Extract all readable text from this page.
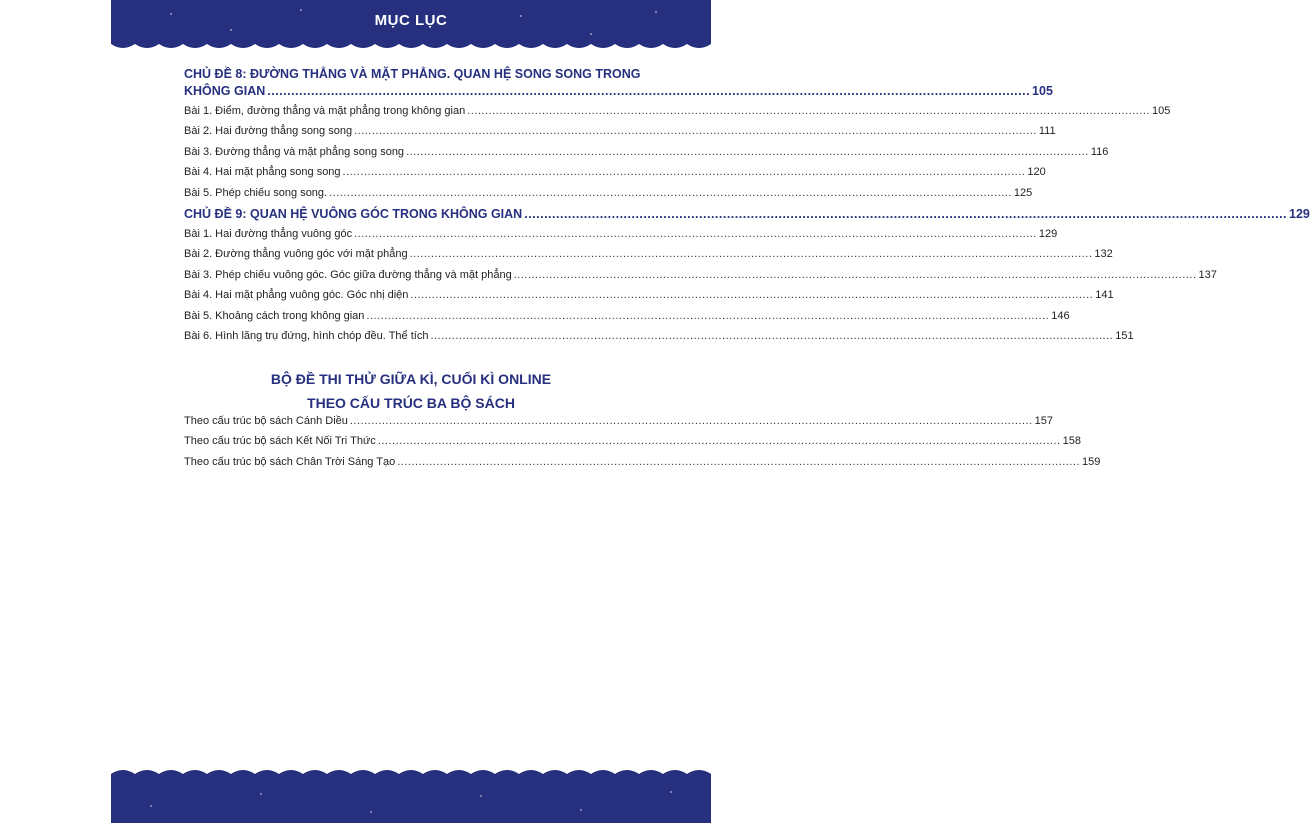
MỤC LỤC
CHỦ ĐỀ 8: ĐƯỜNG THẲNG VÀ MẶT PHẲNG. QUAN HỆ SONG SONG TRONG
KHÔNG GIAN ................................................................................................................................................................................................ 105
Bài 1. Điểm, đường thẳng và mặt phẳng trong không gian ................................................................................................................................................................................................ 105
Bài 2. Hai đường thẳng song song ................................................................................................................................................................................................ 111
Bài 3. Đường thẳng và mặt phẳng song song ................................................................................................................................................................................................ 116
Bài 4. Hai mặt phẳng song song ................................................................................................................................................................................................ 120
Bài 5. Phép chiếu song song. ................................................................................................................................................................................................ 125
CHỦ ĐỀ 9: QUAN HỆ VUÔNG GÓC TRONG KHÔNG GIAN ................................................................................................................................................................................................ 129
Bài 1. Hai đường thẳng vuông góc ................................................................................................................................................................................................ 129
Bài 2. Đường thẳng vuông góc với mặt phẳng ................................................................................................................................................................................................ 132
Bài 3. Phép chiếu vuông góc. Góc giữa đường thẳng và mặt phẳng ................................................................................................................................................................................................ 137
Bài 4. Hai mặt phẳng vuông góc. Góc nhị diện ................................................................................................................................................................................................ 141
Bài 5. Khoảng cách trong không gian ................................................................................................................................................................................................ 146
Bài 6. Hình lăng trụ đứng, hình chóp đều. Thể tích ................................................................................................................................................................................................ 151
BỘ ĐỀ THI THỬ GIỮA KÌ, CUỐI KÌ ONLINE
THEO CẤU TRÚC BA BỘ SÁCH
Theo cấu trúc bộ sách Cánh Diều ................................................................................................................................................................................................ 157
Theo cấu trúc bộ sách Kết Nối Tri Thức ................................................................................................................................................................................................ 158
Theo cấu trúc bộ sách Chân Trời Sáng Tạo ................................................................................................................................................................................................ 159
